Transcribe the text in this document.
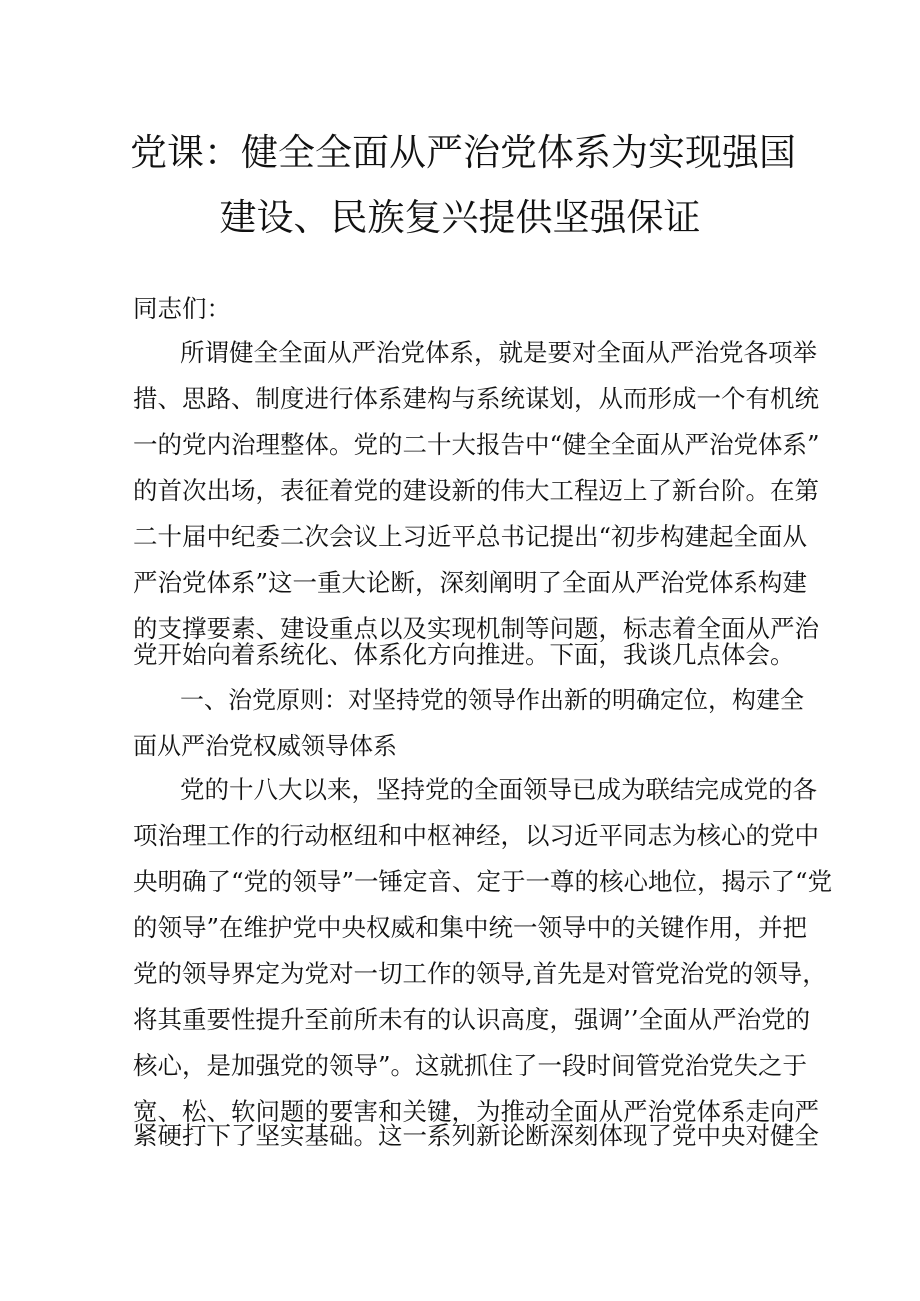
党课：健全全面从严治党体系为实现强国
建设、民族复兴提供坚强保证
同志们：
所谓健全全面从严治党体系，就是要对全面从严治党各项举
措、思路、制度进行体系建构与系统谋划，从而形成一个有机统
一的党内治理整体。党的二十大报告中“健全全面从严治党体系”
的首次出场，表征着党的建设新的伟大工程迈上了新台阶。在第
二十届中纪委二次会议上习近平总书记提出“初步构建起全面从
严治党体系”这一重大论断，深刻阐明了全面从严治党体系构建
的支撑要素、建设重点以及实现机制等问题，标志着全面从严治
党开始向着系统化、体系化方向推进。下面，我谈几点体会。
一、治党原则：对坚持党的领导作出新的明确定位，构建全
面从严治党权威领导体系
党的十八大以来，坚持党的全面领导已成为联结完成党的各
项治理工作的行动枢纽和中枢神经，以习近平同志为核心的党中
央明确了“党的领导”一锤定音、定于一尊的核心地位，揭示了“党
的领导”在维护党中央权威和集中统一领导中的关键作用，并把
党的领导界定为党对一切工作的领导,首先是对管党治党的领导，
将其重要性提升至前所未有的认识高度，强调’’全面从严治党的
核心，是加强党的领导”。这就抓住了一段时间管党治党失之于
宽、松、软问题的要害和关键，为推动全面从严治党体系走向严
紧硬打下了坚实基础。这一系列新论断深刻体现了党中央对健全
